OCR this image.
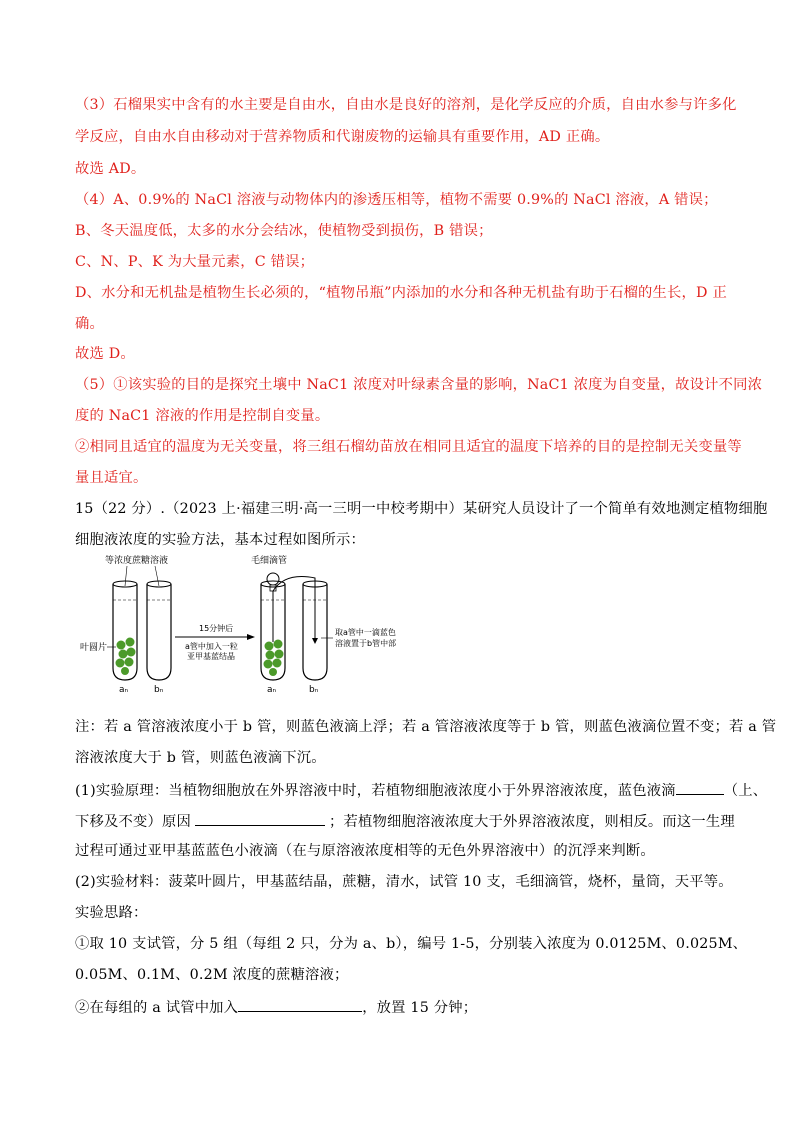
（3）石榴果实中含有的水主要是自由水，自由水是良好的溶剂，是化学反应的介质，自由水参与许多化
学反应，自由水自由移动对于营养物质和代谢废物的运输具有重要作用，AD 正确。
故选 AD。
（4）A、0.9%的 NaCl 溶液与动物体内的渗透压相等，植物不需要 0.9%的 NaCl 溶液，A 错误；
B、冬天温度低，太多的水分会结冰，使植物受到损伤，B 错误；
C、N、P、K 为大量元素，C 错误；
D、水分和无机盐是植物生长必须的，“植物吊瓶”内添加的水分和各种无机盐有助于石榴的生长，D 正
确。
故选 D。
（5）①该实验的目的是探究土壤中 NaC1 浓度对叶绿素含量的影响，NaC1 浓度为自变量，故设计不同浓
度的 NaC1 溶液的作用是控制自变量。
②相同且适宜的温度为无关变量，将三组石榴幼苗放在相同且适宜的温度下培养的目的是控制无关变量等
量且适宜。
15（22 分）.（2023 上·福建三明·高一三明一中校考期中）某研究人员设计了一个简单有效地测定植物细胞
细胞液浓度的实验方法，基本过程如图所示：
等浓度蔗糖溶液
叶圆片
aₙ	bₙ
15分钟后
a管中加入一粒
亚甲基蓝结晶
毛细滴管
aₙ	bₙ
取a管中一滴蓝色
溶液置于b管中部
注：若 a 管溶液浓度小于 b 管，则蓝色液滴上浮；若 a 管溶液浓度等于 b 管，则蓝色液滴位置不变；若 a 管
溶液浓度大于 b 管，则蓝色液滴下沉。
(1)实验原理：当植物细胞放在外界溶液中时，若植物细胞液浓度小于外界溶液浓度，蓝色液滴	（上、
下移及不变）原因	；若植物细胞溶液浓度大于外界溶液浓度，则相反。而这一生理
过程可通过亚甲基蓝蓝色小液滴（在与原溶液浓度相等的无色外界溶液中）的沉浮来判断。
(2)实验材料：菠菜叶圆片，甲基蓝结晶，蔗糖，清水，试管 10 支，毛细滴管，烧杯，量筒，天平等。
实验思路：
①取 10 支试管，分 5 组（每组 2 只，分为 a、b），编号 1-5，分别装入浓度为 0.0125M、0.025M、
0.05M、0.1M、0.2M 浓度的蔗糖溶液；
②在每组的 a 试管中加入	，放置 15 分钟；
